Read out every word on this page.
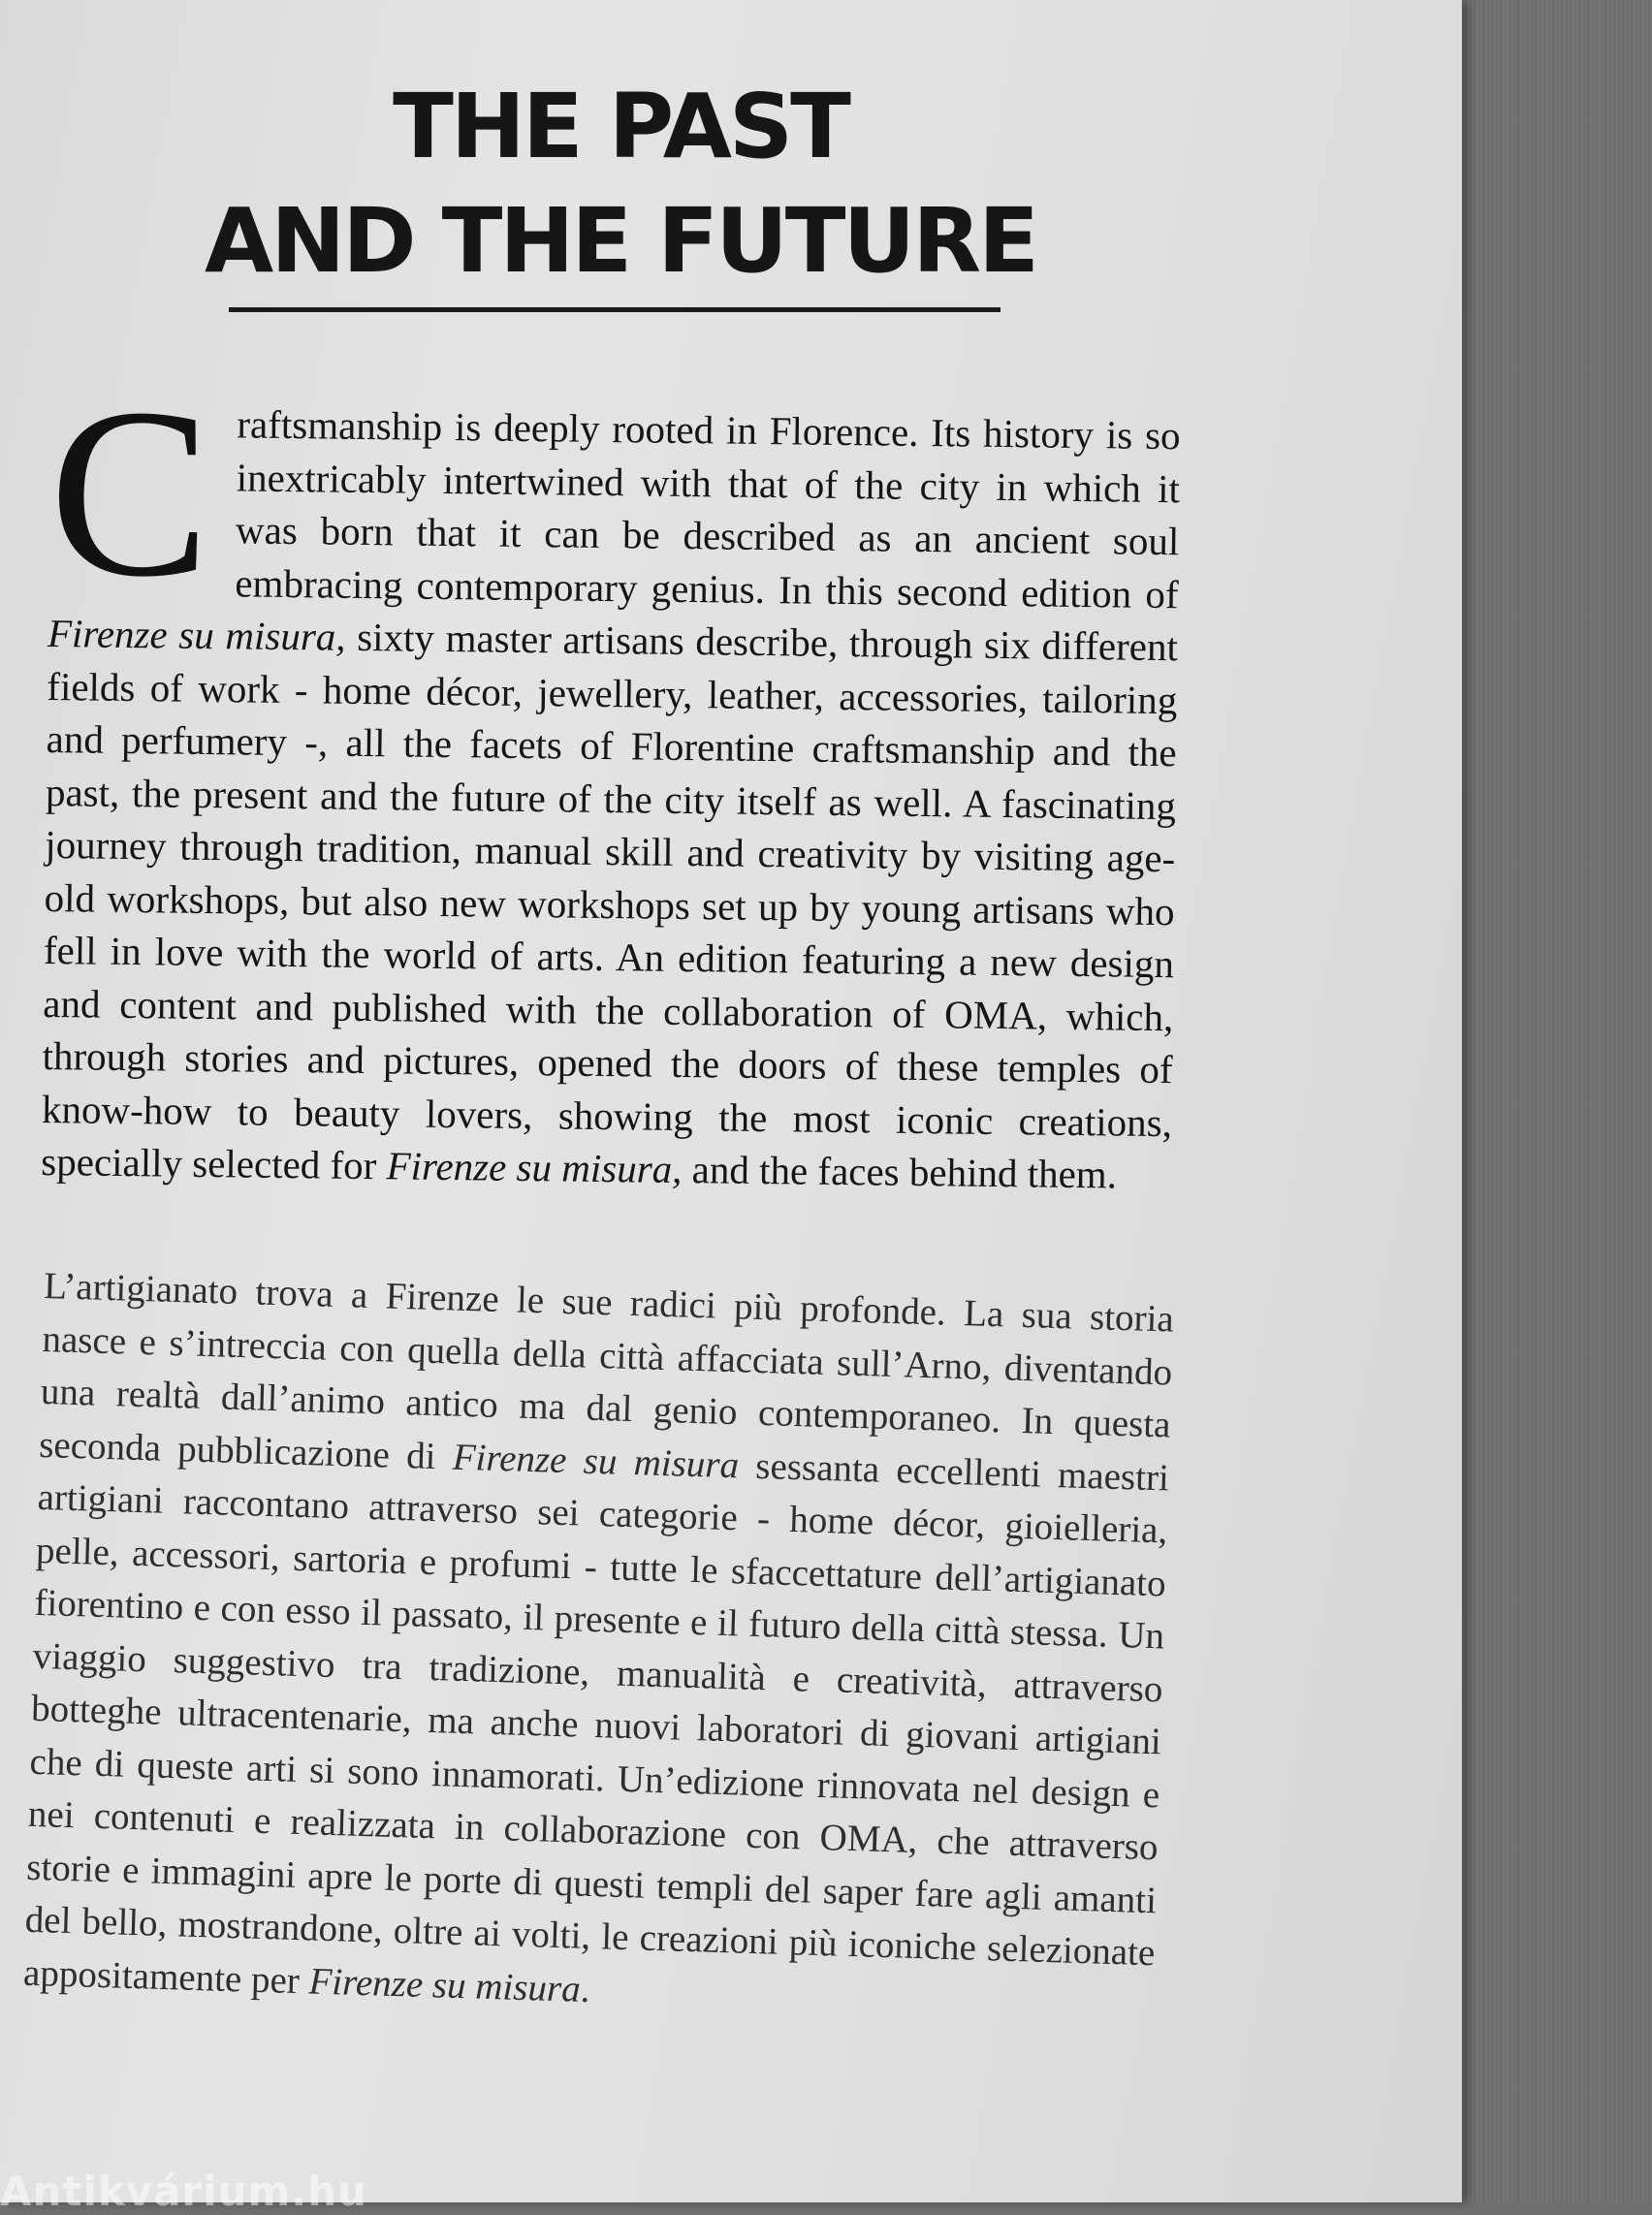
THE PAST
AND THE FUTURE
Craftsmanship is deeply rooted in Florence. Its history is so inextricably intertwined with that of the city in which it was born that it can be described as an ancient soul embracing contemporary genius. In this second edition of Firenze su misura, sixty master artisans describe, through six different fields of work - home décor, jewellery, leather, accessories, tailoring and perfumery -, all the facets of Florentine craftsmanship and the past, the present and the future of the city itself as well. A fascinating journey through tradition, manual skill and creativity by visiting age-old workshops, but also new workshops set up by young artisans who fell in love with the world of arts. An edition featuring a new design and content and published with the collaboration of OMA, which, through stories and pictures, opened the doors of these temples of know-how to beauty lovers, showing the most iconic creations, specially selected for Firenze su misura, and the faces behind them.
L’artigianato trova a Firenze le sue radici più profonde. La sua storia nasce e s’intreccia con quella della città affacciata sull’Arno, diventando una realtà dall’animo antico ma dal genio contemporaneo. In questa seconda pubblicazione di Firenze su misura sessanta eccellenti maestri artigiani raccontano attraverso sei categorie - home décor, gioielleria, pelle, accessori, sartoria e profumi - tutte le sfaccettature dell’artigianato fiorentino e con esso il passato, il presente e il futuro della città stessa. Un viaggio suggestivo tra tradizione, manualità e creatività, attraverso botteghe ultracentenarie, ma anche nuovi laboratori di giovani artigiani che di queste arti si sono innamorati. Un’edizione rinnovata nel design e nei contenuti e realizzata in collaborazione con OMA, che attraverso storie e immagini apre le porte di questi templi del saper fare agli amanti del bello, mostrandone, oltre ai volti, le creazioni più iconiche selezionate appositamente per Firenze su misura.
Antikvárium.hu
